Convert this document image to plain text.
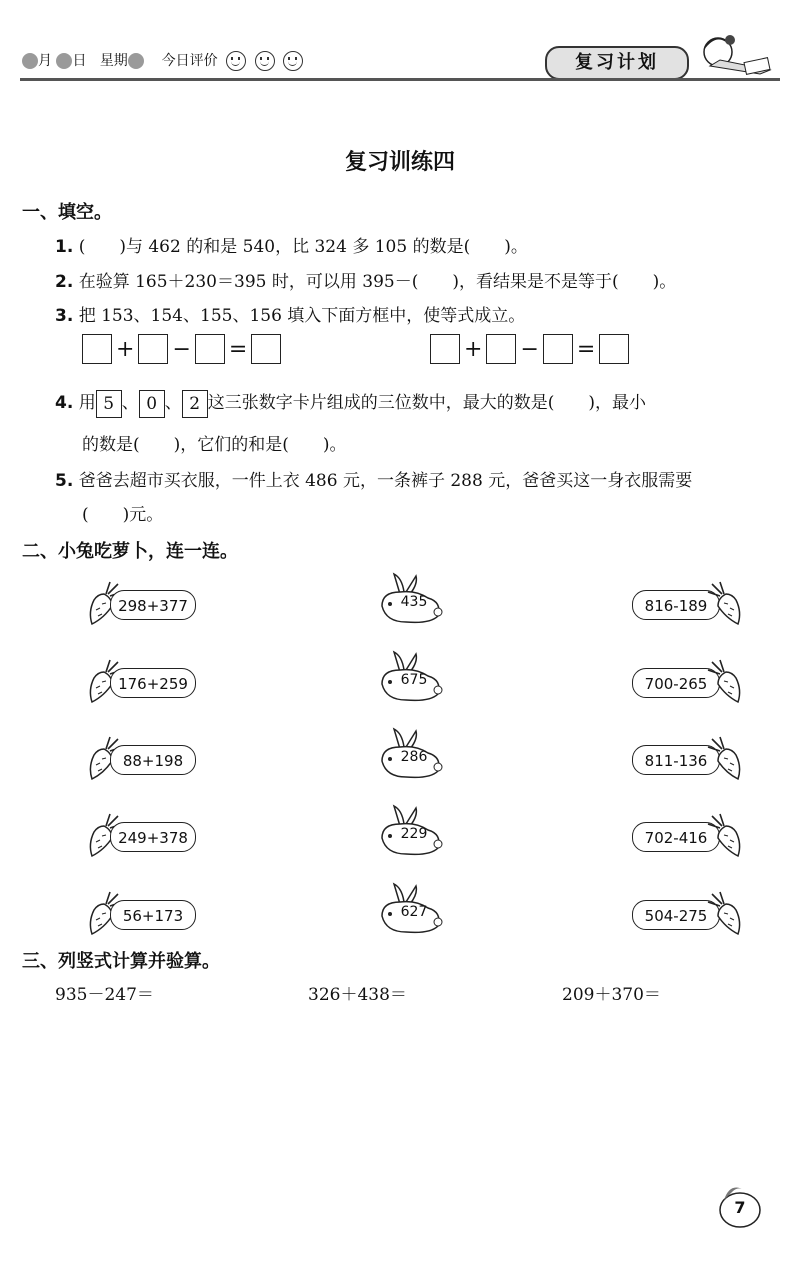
月 日 星期 今日评价	复习计划
复习训练四
一、填空。
1. (　　)与 462 的和是 540，比 324 多 105 的数是(　　)。
2. 在验算 165＋230＝395 时，可以用 395－(　　)，看结果是不是等于(　　)。
3. 把 153、154、155、156 填入下面方框中，使等式成立。
+ − =	+ − =
4. 用 5 、 0 、 2 这三张数字卡片组成的三位数中，最大的数是(　　)，最小
的数是(　　)，它们的和是(　　)。
5. 爸爸去超市买衣服，一件上衣 486 元，一条裤子 288 元，爸爸买这一身衣服需要
(　　)元。
二、小兔吃萝卜，连一连。
298+377
176+259
88+198
249+378
56+173
435
675
286
229
627
816-189
700-265
811-136
702-416
504-275
三、列竖式计算并验算。
935－247＝	326＋438＝	209＋370＝
7
